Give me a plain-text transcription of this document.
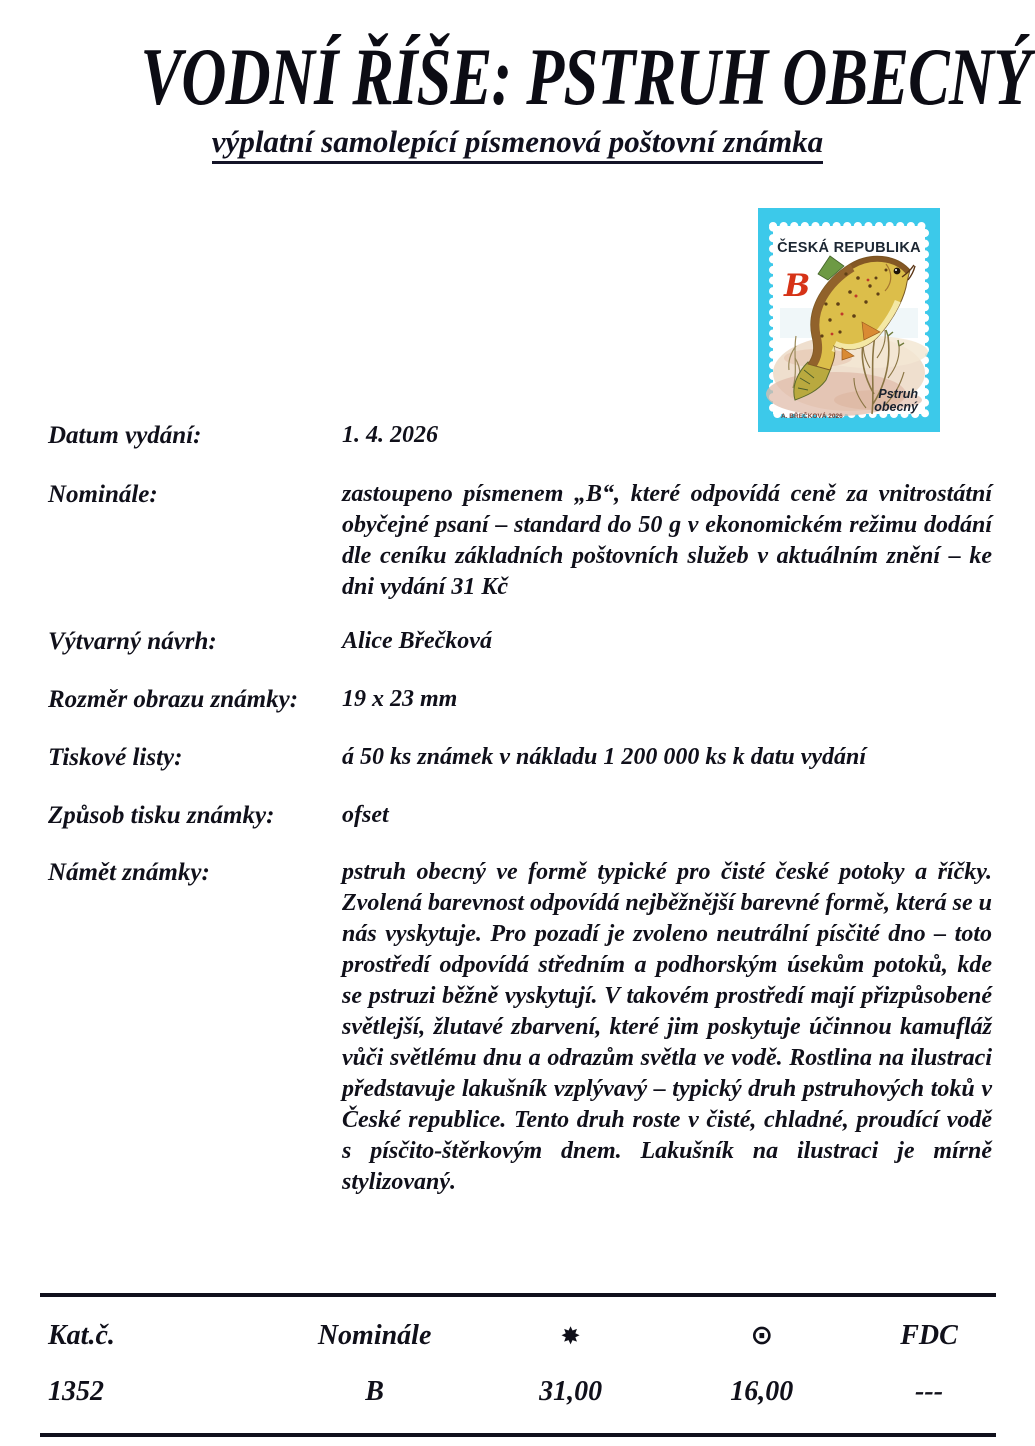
VODNÍ ŘÍŠE: PSTRUH OBECNÝ
výplatní samolepící písmenová poštovní známka
ČESKÁ REPUBLIKA
B
Pstruh
obecný
A. BŘEČKOVÁ 2026
Datum vydání:	1. 4. 2026
Nominále:	zastoupeno písmenem „B“, které odpovídá ceně za vnitrostátní obyčejné psaní – standard do 50 g v ekonomickém režimu dodání dle ceníku základních poštovních služeb v aktuálním znění – ke dni vydání 31 Kč
Výtvarný návrh:	Alice Břečková
Rozměr obrazu známky:	19 x 23 mm
Tiskové listy:	á 50 ks známek v nákladu 1 200 000 ks k datu vydání
Způsob tisku známky:	ofset
Námět známky:	pstruh obecný ve formě typické pro čisté české potoky a říčky. Zvolená barevnost odpovídá nejběžnější barevné formě, která se u nás vyskytuje. Pro pozadí je zvoleno neutrální písčité dno – toto prostředí odpovídá středním a podhorským úsekům potoků, kde se pstruzi běžně vyskytují. V takovém prostředí mají přizpůsobené světlejší, žlutavé zbarvení, které jim poskytuje účinnou kamufláž vůči světlému dnu a odrazům světla ve vodě. Rostlina na ilustraci představuje lakušník vzplývavý – typický druh pstruhových toků v České republice. Tento druh roste v čisté, chladné, proudící vodě s písčito-štěrkovým dnem. Lakušník na ilustraci je mírně stylizovaný.
Kat.č.	Nominále	✸	⊙	FDC
1352	B	31,00	16,00	---
